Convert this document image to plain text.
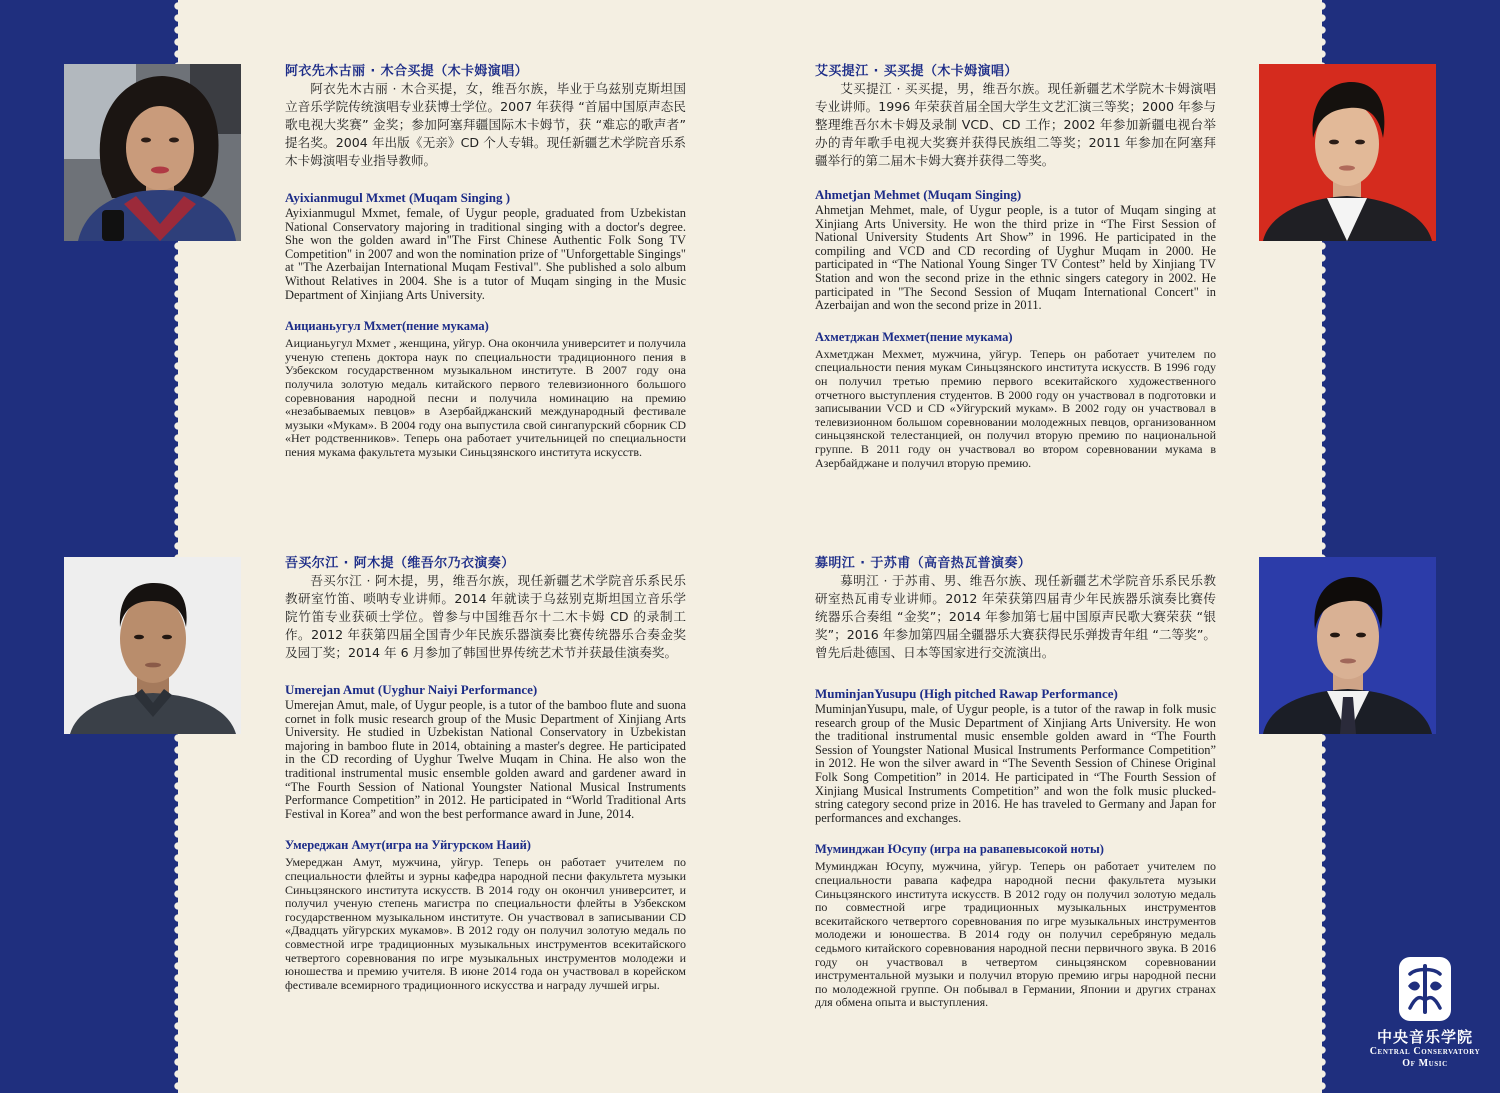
阿衣先木古丽 · 木合买提（木卡姆演唱）

阿衣先木古丽 · 木合买提，女，维吾尔族，毕业于乌兹别克斯坦国立音乐学院传统演唱专业获博士学位。2007 年获得 “首届中国原声态民歌电视大奖赛” 金奖；参加阿塞拜疆国际木卡姆节，获 “难忘的歌声者” 提名奖。2004 年出版《无亲》CD 个人专辑。现任新疆艺术学院音乐系木卡姆演唱专业指导教师。

Ayixianmugul Mxmet (Muqam Singing )

Ayixianmugul Mxmet, female, of Uygur people, graduated from Uzbekistan National Conservatory majoring in traditional singing with a doctor's degree. She won the golden award in"The First Chinese Authentic Folk Song TV Competition" in 2007 and won the nomination prize of "Unforgettable Singings" at "The Azerbaijan International Muqam Festival". She published a solo album Without Relatives in 2004. She is a tutor of Muqam singing in the Music Department of Xinjiang Arts University.

Аицианьугул Мхмет(пение мукама)

Аицианьугул Мхмет , женщина, уйгур. Она окончила университет и получила ученую степень доктора наук по специальности традиционного пения в Узбекском государственном музыкальном институте. В 2007 году она получила золотую медаль китайского первого телевизионного большого соревнования народной песни и получила номинацию на премию «незабываемых певцов» в Азербайджанский международный фестивале музыки «Мукам». В 2004 году она выпустила свой сингапурский сборник CD «Нет родственников». Теперь она работает учительницей по специальности пения мукама факультета музыки Синьцзянского института искусств.

艾买提江 · 买买提（木卡姆演唱）

艾买提江 · 买买提，男，维吾尔族。现任新疆艺术学院木卡姆演唱专业讲师。1996 年荣获首届全国大学生文艺汇演三等奖；2000 年参与整理维吾尔木卡姆及录制 VCD、CD 工作；2002 年参加新疆电视台举办的青年歌手电视大奖赛并获得民族组二等奖；2011 年参加在阿塞拜疆举行的第二届木卡姆大赛并获得二等奖。

Ahmetjan Mehmet (Muqam Singing)

Ahmetjan Mehmet, male, of Uygur people, is a tutor of Muqam singing at Xinjiang Arts University. He won the third prize in “The First Session of National University Students Art Show” in 1996. He participated in the compiling and VCD and CD recording of Uyghur Muqam in 2000. He participated in “The National Young Singer TV Contest” held by Xinjiang TV Station and won the second prize in the ethnic singers category in 2002. He participated in "The Second Session of Muqam International Concert" in Azerbaijan and won the second prize in 2011.

Ахметджан Мехмет(пение мукама)

Ахметджан Мехмет, мужчина, уйгур. Теперь он работает учителем по специальности пения мукам Синьцзянского института искусств. В 1996 году он получил третью премию первого всекитайского художественного отчетного выступления студентов. В 2000 году он участвовал в подготовки и записывании VCD и CD «Уйгурский мукам». В 2002 году он участвовал в телевизионном большом соревновании молодежных певцов, организованном синьцзянской телестанцией, он получил вторую премию по национальной группе. В 2011 году он участвовал во втором соревновании мукама в Азербайджане и получил вторую премию.

吾买尔江 · 阿木提（维吾尔乃衣演奏）

吾买尔江 · 阿木提，男，维吾尔族，现任新疆艺术学院音乐系民乐教研室竹笛、唢呐专业讲师。2014 年就读于乌兹别克斯坦国立音乐学院竹笛专业获硕士学位。曾参与中国维吾尔十二木卡姆 CD 的录制工作。2012 年获第四届全国青少年民族乐器演奏比赛传统器乐合奏金奖及园丁奖；2014 年 6 月参加了韩国世界传统艺术节并获最佳演奏奖。

Umerejan Amut (Uyghur Naiyi Performance)

Umerejan Amut, male, of Uygur people, is a tutor of the bamboo flute and suona cornet in folk music research group of the Music Department of Xinjiang Arts University. He studied in Uzbekistan National Conservatory in Uzbekistan majoring in bamboo flute in 2014, obtaining a master's degree. He participated in the CD recording of Uyghur Twelve Muqam in China. He also won the traditional instrumental music ensemble golden award and gardener award in “The Fourth Session of National Youngster National Musical Instruments Performance Competition” in 2012. He participated in “World Traditional Arts Festival in Korea” and won the best performance award in June, 2014.

Умереджан Амут(игра на Уйгурском Наий)

Умереджан Амут, мужчина, уйгур. Теперь он работает учителем по специальности флейты и зурны кафедра народной песни факультета музыки Синьцзянского института искусств. В 2014 году он окончил университет, и получил ученую степень магистра по специальности флейты в Узбекском государственном музыкальном институте. Он участвовал в записывании CD «Двадцать уйгурских мукамов». В 2012 году он получил золотую медаль по совместной игре традиционных музыкальных инструментов всекитайского четвертого соревнования по игре музыкальных инструментов молодежи и юношества и премию учителя. В июне 2014 года он участвовал в корейском фестивале всемирного традиционного искусства и награду лучшей игры.

募明江 · 于苏甫（高音热瓦普演奏）

募明江 · 于苏甫、男、维吾尔族、现任新疆艺术学院音乐系民乐教研室热瓦甫专业讲师。2012 年荣获第四届青少年民族器乐演奏比赛传统器乐合奏组 “金奖”；2014 年参加第七届中国原声民歌大赛荣获 “银奖”；2016 年参加第四届全疆器乐大赛获得民乐弹拨青年组 “二等奖”。曾先后赴德国、日本等国家进行交流演出。

MuminjanYusupu (High pitched Rawap Performance)

MuminjanYusupu, male, of Uygur people, is a tutor of the rawap in folk music research group of the Music Department of Xinjiang Arts University. He won the traditional instrumental music ensemble golden award in “The Fourth Session of Youngster National Musical Instruments Performance Competition” in 2012. He won the silver award in “The Seventh Session of Chinese Original Folk Song Competition” in 2014. He participated in “The Fourth Session of Xinjiang Musical Instruments Competition” and won the folk music plucked-string category second prize in 2016. He has traveled to Germany and Japan for performances and exchanges.

Муминджан Юсупу (игра на равапевысокой ноты)

Муминджан Юсупу, мужчина, уйгур. Теперь он работает учителем по специальности равапа кафедра народной песни факультета музыки Синьцзянского института искусств. В 2012 году он получил золотую медаль по совместной игре традиционных музыкальных инструментов всекитайского четвертого соревнования по игре музыкальных инструментов молодежи и юношества. В 2014 году он получил серебряную медаль седьмого китайского соревнования народной песни первичного звука. В 2016 году он участвовал в четвертом синьцзянском соревновании инструментальной музыки и получил вторую премию игры народной песни по молодежной группе. Он побывал в Германии, Японии и других странах для обмена опыта и выступления.

中央音乐学院
Central Conservatory
Of Music
